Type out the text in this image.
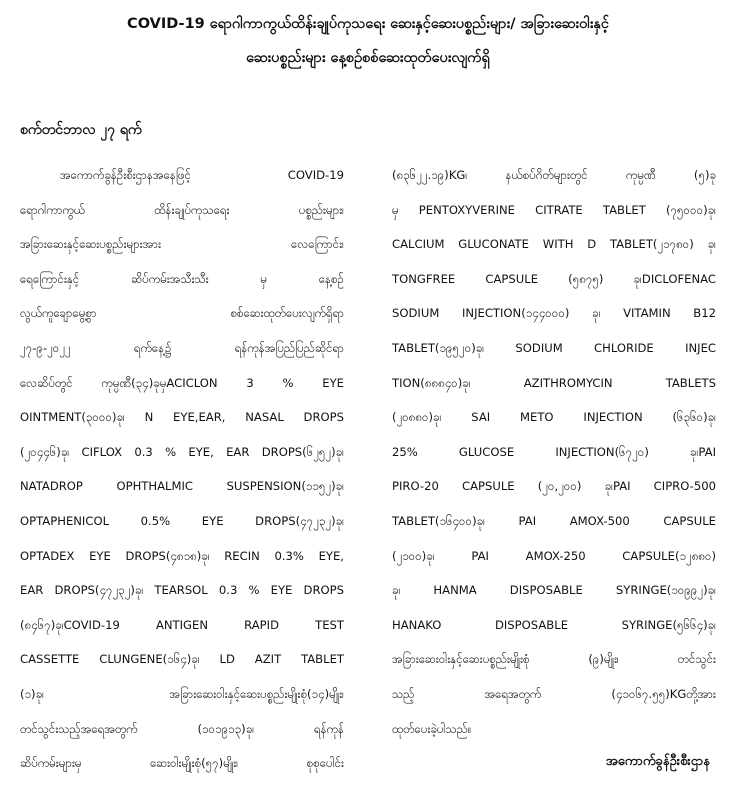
COVID-19 ရောဂါကာကွယ်ထိန်းချုပ်ကုသရေး ဆေးနှင့်ဆေးပစ္စည်းများ/ အခြားဆေးဝါးနှင့်
ဆေးပစ္စည်းများ နေ့စဉ်စစ်ဆေးထုတ်ပေးလျက်ရှိ
စက်တင်ဘာလ ၂၇ ရက်
အကောက်ခွန်ဦးစီးဌာနအနေဖြင့် COVID-19
ရောဂါကာကွယ် ထိန်းချုပ်ကုသရေး ပစ္စည်းများ၊
အခြားဆေးနှင့်ဆေးပစ္စည်းများအား လေကြောင်း၊
ရေကြောင်းနှင့် ဆိပ်ကမ်းအသီးသီး မှ နေ့စဉ်
လွယ်ကူချောမွေ့စွာ စစ်ဆေးထုတ်ပေးလျက်ရှိရာ
၂၇-၉-၂၀၂၂ ရက်နေ့၌ ရန်ကုန်အပြည်ပြည်ဆိုင်ရာ
လေဆိပ်တွင် ကုမ္ပဏီ(၃၄)ခုမှACICLON 3 % EYE
OINTMENT(၃၀၀၀)ခု၊ N EYE,EAR, NASAL DROPS
(၂၀၄၄၆)ခု၊ CIFLOX 0.3 % EYE, EAR DROPS(၆၂၅၂)ခု၊
NATADROP OPHTHALMIC SUSPENSION(၁၁၅၂)ခု၊
OPTAPHENICOL 0.5% EYE DROPS(၄၇၂၃၂)ခု၊
OPTADEX EYE DROPS(၄၈၁၈)ခု၊ RECIN 0.3% EYE,
EAR DROPS(၄၇၂၃၂)ခု၊ TEARSOL 0.3 % EYE DROPS
(၈၄၆၇)ခု၊COVID-19 ANTIGEN RAPID TEST
CASSETTE CLUNGENE(၁၆၄)ခု၊ LD AZIT TABLET
(၁)ခု၊ အခြားဆေးဝါးနှင့်ဆေးပစ္စည်းမျိုးစုံ(၁၄)မျိုး၊
တင်သွင်းသည့်အရေအတွက် (၁၀၁၉၁၃)ခု၊ ရန်ကုန်
ဆိပ်ကမ်းများမှ ဆေးဝါးမျိုးစုံ(၅၇)မျိုး၊ စုစုပေါင်း
(၈၃၆၂၂.၁၉)KG၊ နယ်စပ်ဂိတ်များတွင် ကုမ္ပဏီ (၅)ခု
မှ PENTOXYVERINE CITRATE TABLET (၇၅၀၀၀)ခု၊
CALCIUM GLUCONATE WITH D TABLET(၂၁၇၈၀) ခု၊
TONGFREE CAPSULE (၅၈၇၅) ခု၊DICLOFENAC
SODIUM INJECTION(၁၄၄၀၀၀) ခု၊ VITAMIN B12
TABLET(၁၉၅၂၀)ခု၊ SODIUM CHLORIDE INJEC
TION(၈၈၈၄၀)ခု၊ AZITHROMYCIN TABLETS
(၂၀၈၈၀)ခု၊ SAI METO INJECTION (၆၃၆၀)ခု၊
25% GLUCOSE INJECTION(၆၇၂၀) ခု၊PAI
PIRO-20 CAPSULE (၂၀,၂၀၀) ခု၊PAI CIPRO-500
TABLET(၁၆၄၀၀)ခု၊ PAI AMOX-500 CAPSULE
(၂၁၀၀)ခု၊ PAI AMOX-250 CAPSULE(၁၂၈၈၀)
ခု၊ HANMA DISPOSABLE SYRINGE(၁၀၉၉၂)ခု၊
HANAKO DISPOSABLE SYRINGE(၅၆၆၄)ခု၊
အခြားဆေးဝါးနှင့်ဆေးပစ္စည်းမျိုးစုံ (၉)မျိုး၊ တင်သွင်း
သည့် အရေအတွက် (၄၁၀၆၇.၅၅)KGတို့အား
ထုတ်ပေးခဲ့ပါသည်။
အကောက်ခွန်ဦးစီးဌာန
